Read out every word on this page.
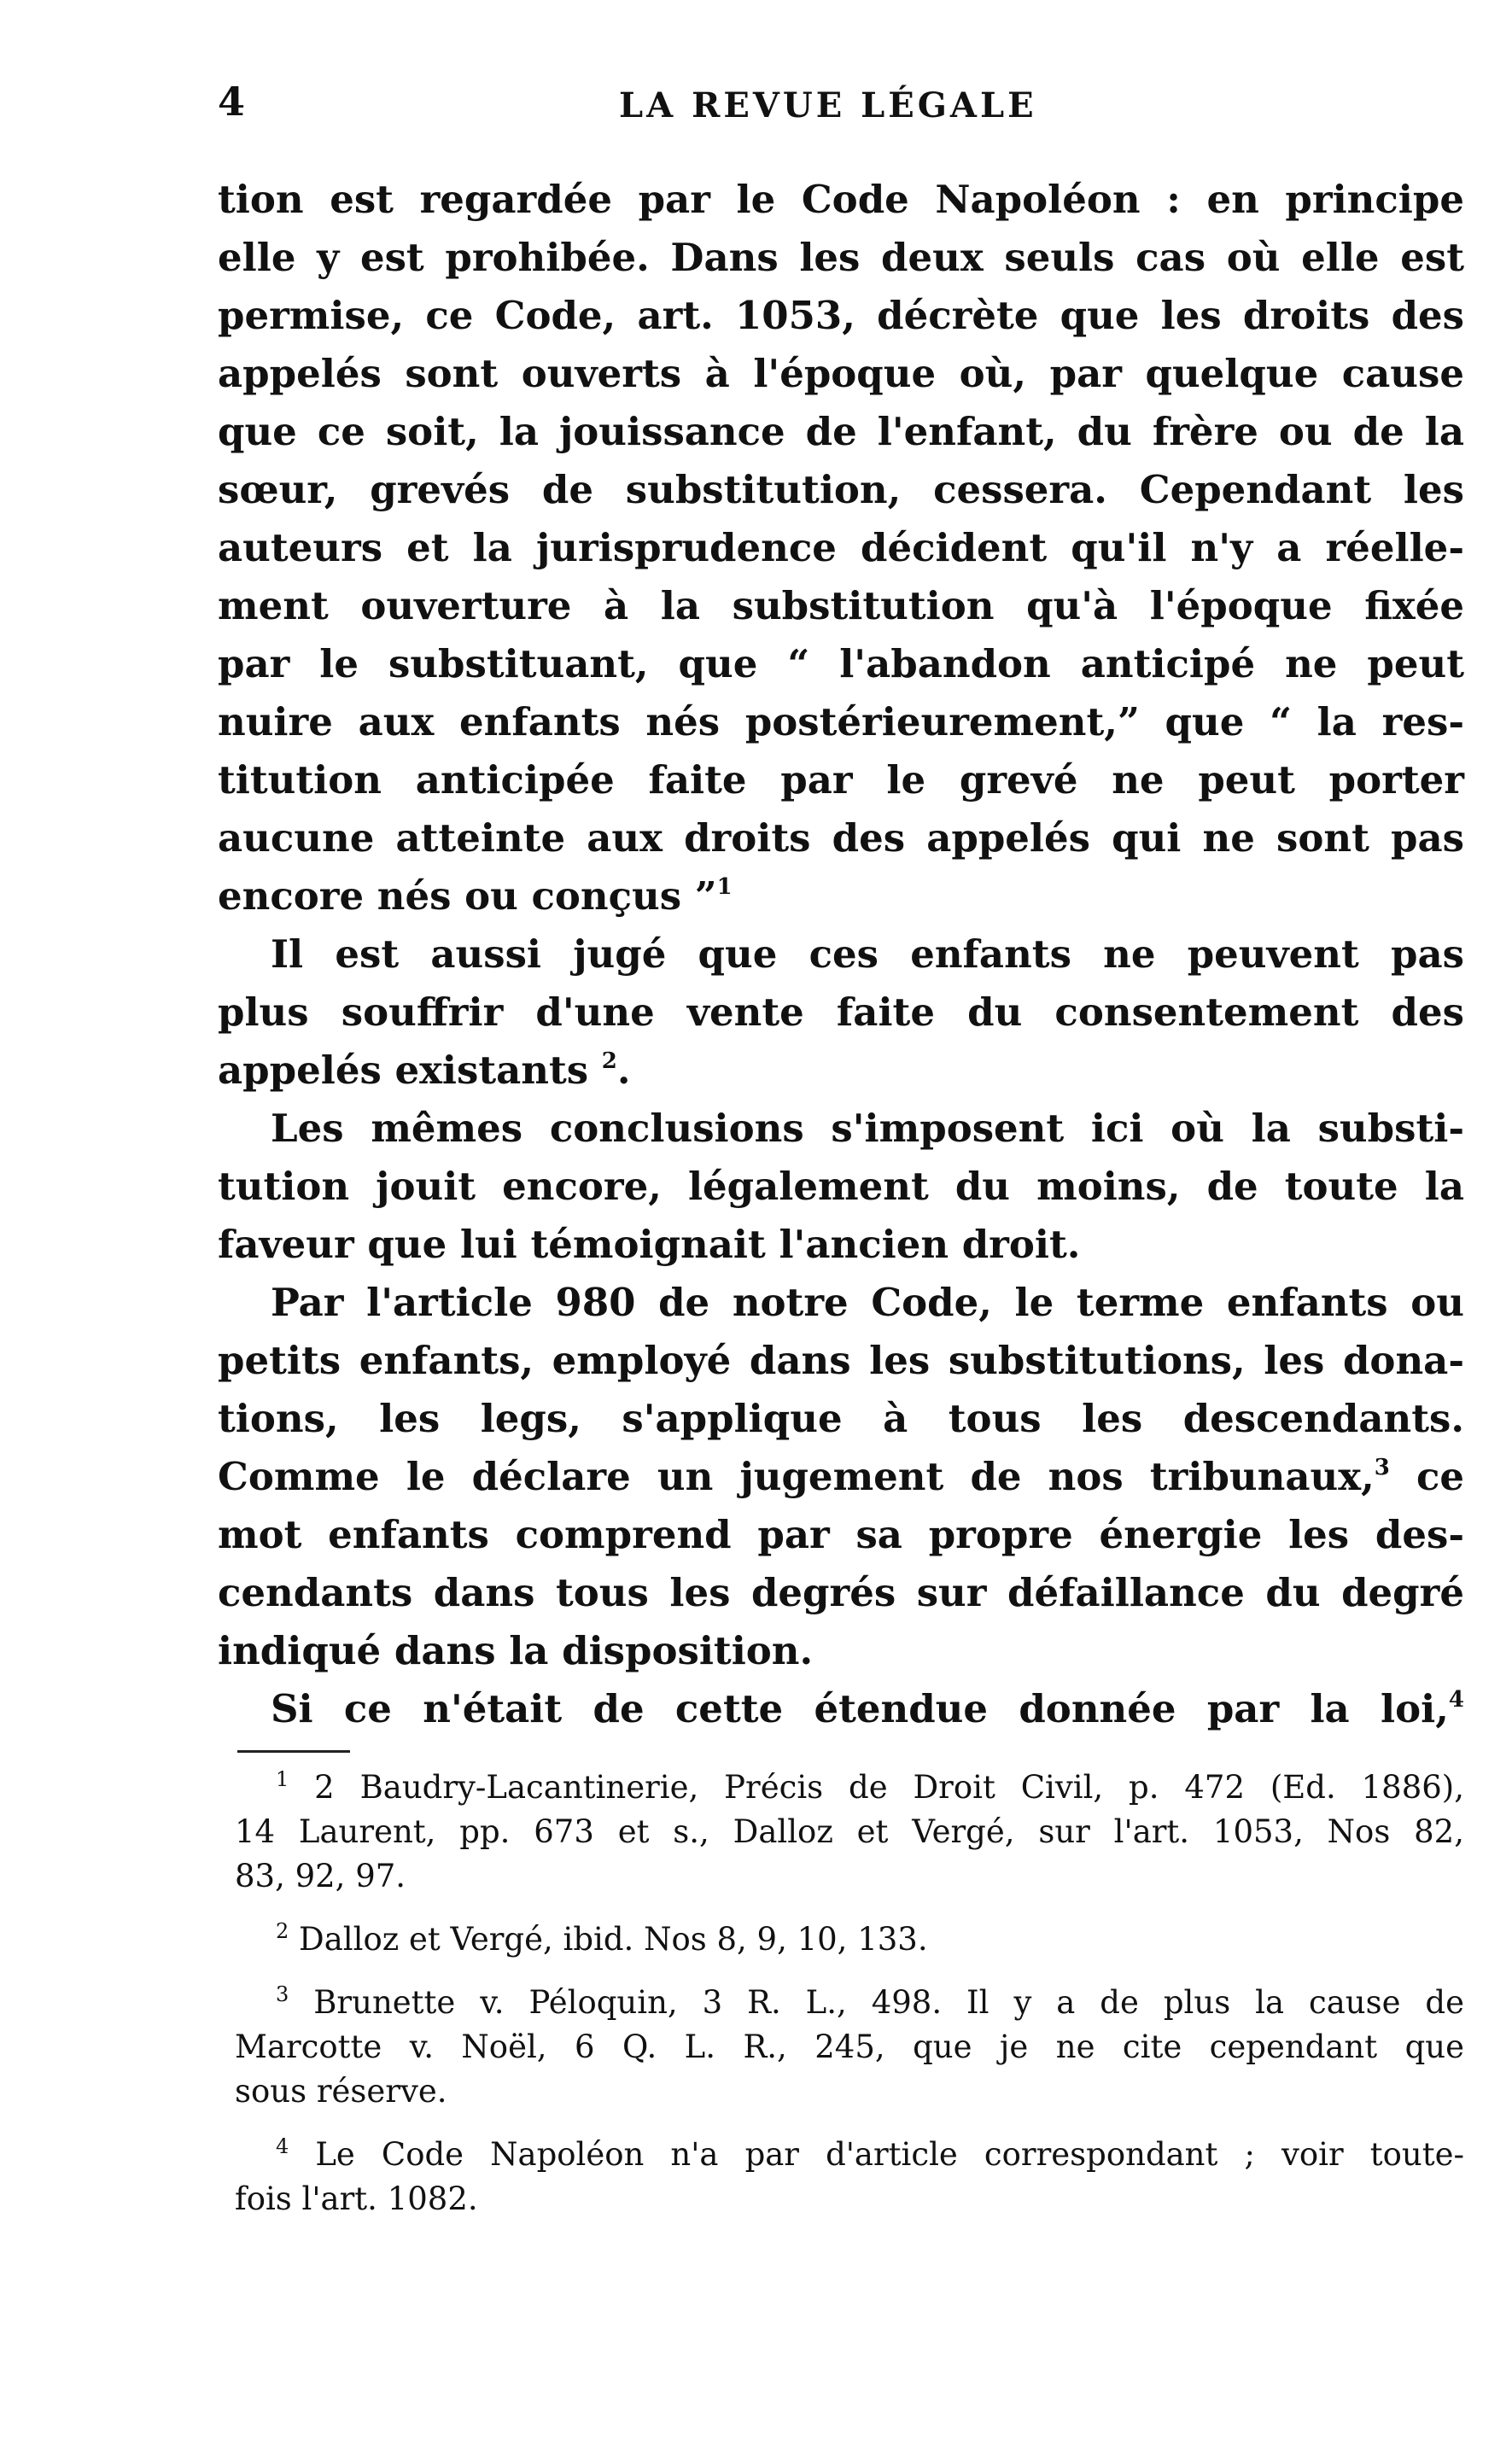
4	LA REVUE LÉGALE
tion est regardée par le Code Napoléon : en principe
elle y est prohibée. Dans les deux seuls cas où elle est
permise, ce Code, art. 1053, décrète que les droits des
appelés sont ouverts à l'époque où, par quelque cause
que ce soit, la jouissance de l'enfant, du frère ou de la
sœur, grevés de substitution, cessera. Cependant les
auteurs et la jurisprudence décident qu'il n'y a réelle-
ment ouverture à la substitution qu'à l'époque fixée
par le substituant, que “ l'abandon anticipé ne peut
nuire aux enfants nés postérieurement,” que “ la res-
titution anticipée faite par le grevé ne peut porter
aucune atteinte aux droits des appelés qui ne sont pas
encore nés ou conçus ”$^1$
Il est aussi jugé que ces enfants ne peuvent pas
plus souffrir d'une vente faite du consentement des
appelés existants $^2$.
Les mêmes conclusions s'imposent ici où la substi-
tution jouit encore, légalement du moins, de toute la
faveur que lui témoignait l'ancien droit.
Par l'article 980 de notre Code, le terme enfants ou
petits enfants, employé dans les substitutions, les dona-
tions, les legs, s'applique à tous les descendants.
Comme le déclare un jugement de nos tribunaux,$^3$ ce
mot enfants comprend par sa propre énergie les des-
cendants dans tous les degrés sur défaillance du degré
indiqué dans la disposition.
Si ce n'était de cette étendue donnée par la loi,$^4$
$^1$ 2 Baudry-Lacantinerie, Précis de Droit Civil, p. 472 (Ed. 1886),
14 Laurent, pp. 673 et s., Dalloz et Vergé, sur l'art. 1053, Nos 82,
83, 92, 97.
$^2$ Dalloz et Vergé, ibid. Nos 8, 9, 10, 133.
$^3$ Brunette v. Péloquin, 3 R. L., 498. Il y a de plus la cause de
Marcotte v. Noël, 6 Q. L. R., 245, que je ne cite cependant que
sous réserve.
$^4$ Le Code Napoléon n'a par d'article correspondant ; voir toute-
fois l'art. 1082.
